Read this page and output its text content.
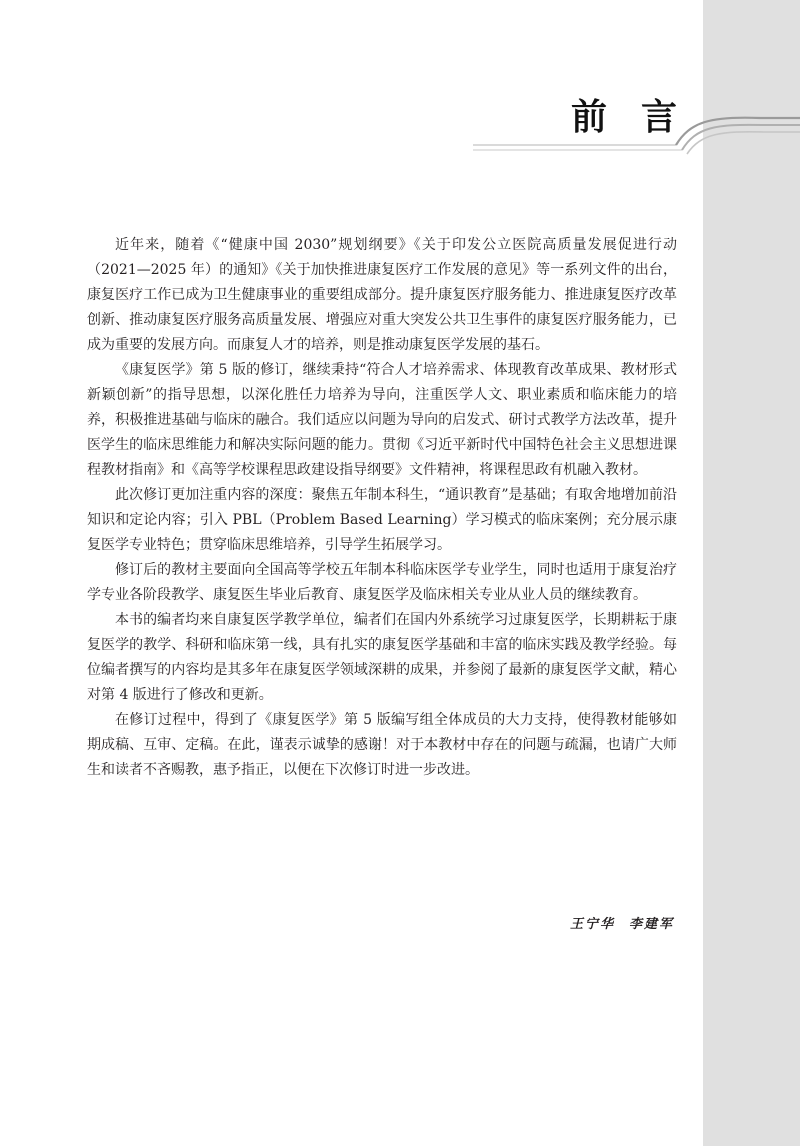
前言

近年来，随着《“健康中国 2030”规划纲要》《关于印发公立医院高质量发展促进行动（2021—2025 年）的通知》《关于加快推进康复医疗工作发展的意见》等一系列文件的出台，康复医疗工作已成为卫生健康事业的重要组成部分。提升康复医疗服务能力、推进康复医疗改革创新、推动康复医疗服务高质量发展、增强应对重大突发公共卫生事件的康复医疗服务能力，已成为重要的发展方向。而康复人才的培养，则是推动康复医学发展的基石。

《康复医学》第 5 版的修订，继续秉持“符合人才培养需求、体现教育改革成果、教材形式新颖创新”的指导思想，以深化胜任力培养为导向，注重医学人文、职业素质和临床能力的培养，积极推进基础与临床的融合。我们适应以问题为导向的启发式、研讨式教学方法改革，提升医学生的临床思维能力和解决实际问题的能力。贯彻《习近平新时代中国特色社会主义思想进课程教材指南》和《高等学校课程思政建设指导纲要》文件精神，将课程思政有机融入教材。

此次修订更加注重内容的深度：聚焦五年制本科生，“通识教育”是基础；有取舍地增加前沿知识和定论内容；引入 PBL（Problem Based Learning）学习模式的临床案例；充分展示康复医学专业特色；贯穿临床思维培养，引导学生拓展学习。

修订后的教材主要面向全国高等学校五年制本科临床医学专业学生，同时也适用于康复治疗学专业各阶段教学、康复医生毕业后教育、康复医学及临床相关专业从业人员的继续教育。

本书的编者均来自康复医学教学单位，编者们在国内外系统学习过康复医学，长期耕耘于康复医学的教学、科研和临床第一线，具有扎实的康复医学基础和丰富的临床实践及教学经验。每位编者撰写的内容均是其多年在康复医学领域深耕的成果，并参阅了最新的康复医学文献，精心对第 4 版进行了修改和更新。

在修订过程中，得到了《康复医学》第 5 版编写组全体成员的大力支持，使得教材能够如期成稿、互审、定稿。在此，谨表示诚挚的感谢！对于本教材中存在的问题与疏漏，也请广大师生和读者不吝赐教，惠予指正，以便在下次修订时进一步改进。

王宁华 李建军
